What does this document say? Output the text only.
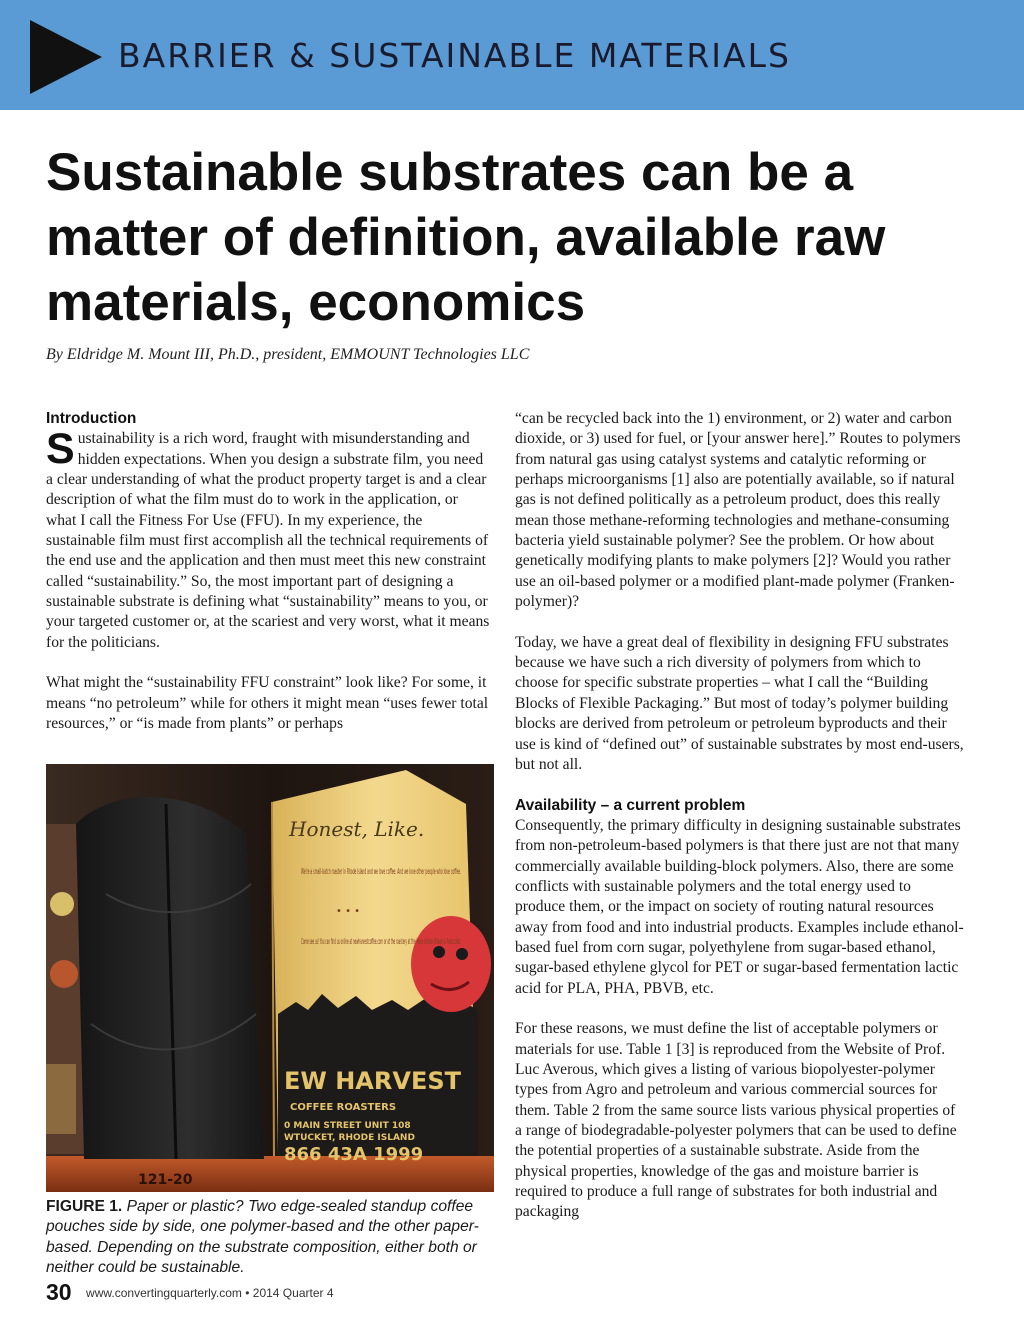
BARRIER & SUSTAINABLE MATERIALS
Sustainable substrates can be a matter of definition, available raw materials, economics

By Eldridge M. Mount III, Ph.D., president, EMMOUNT Technologies LLC

Introduction

Sustainability is a rich word, fraught with misunderstanding and hidden expectations. When you design a substrate film, you need a clear understanding of what the product property target is and a clear description of what the film must do to work in the application, or what I call the Fitness For Use (FFU). In my experience, the sustainable film must first accomplish all the technical requirements of the end use and the application and then must meet this new constraint called “sustainability.” So, the most important part of designing a sustainable substrate is defining what “sustainability” means to you, or your targeted customer or, at the scariest and very worst, what it means for the politicians.

What might the “sustainability FFU constraint” look like? For some, it means “no petroleum” while for others it might mean “uses fewer total resources,” or “is made from plants” or perhaps

Honest, Like.
We're a small-batch roaster in Rhode Island and we love coffee. And we love other people who love coffee.
• • •
Come see us! You can find us online at newharvestcoffee.com or at the roastery at the Hope Artiste Village in Pawtucket.
EW HARVEST
COFFEE ROASTERS
0 MAIN STREET UNIT 108
WTUCKET, RHODE ISLAND
866 43A 1999
121-20

FIGURE 1. Paper or plastic? Two edge-sealed standup coffee pouches side by side, one polymer-based and the other paper-based. Depending on the substrate composition, either both or neither could be sustainable.

“can be recycled back into the 1) environment, or 2) water and carbon dioxide, or 3) used for fuel, or [your answer here].” Routes to polymers from natural gas using catalyst systems and catalytic reforming or perhaps microorganisms [1] also are potentially available, so if natural gas is not defined politically as a petroleum product, does this really mean those methane-reforming technologies and methane-consuming bacteria yield sustainable polymer? See the problem. Or how about genetically modifying plants to make polymers [2]? Would you rather use an oil-based polymer or a modified plant-made polymer (Franken-polymer)?

Today, we have a great deal of flexibility in designing FFU substrates because we have such a rich diversity of polymers from which to choose for specific substrate properties – what I call the “Building Blocks of Flexible Packaging.” But most of today’s polymer building blocks are derived from petroleum or petroleum byproducts and their use is kind of “defined out” of sustainable substrates by most end-users, but not all.

Availability – a current problem

Consequently, the primary difficulty in designing sustainable substrates from non-petroleum-based polymers is that there just are not that many commercially available building-block polymers. Also, there are some conflicts with sustainable polymers and the total energy used to produce them, or the impact on society of routing natural resources away from food and into industrial products. Examples include ethanol-based fuel from corn sugar, polyethylene from sugar-based ethanol, sugar-based ethylene glycol for PET or sugar-based fermentation lactic acid for PLA, PHA, PBVB, etc.

For these reasons, we must define the list of acceptable polymers or materials for use. Table 1 [3] is reproduced from the Website of Prof. Luc Averous, which gives a listing of various biopolyester-polymer types from Agro and petroleum and various commercial sources for them. Table 2 from the same source lists various physical properties of a range of biodegradable-polyester polymers that can be used to define the potential properties of a sustainable substrate. Aside from the physical properties, knowledge of the gas and moisture barrier is required to produce a full range of substrates for both industrial and packaging

30 www.convertingquarterly.com • 2014 Quarter 4
